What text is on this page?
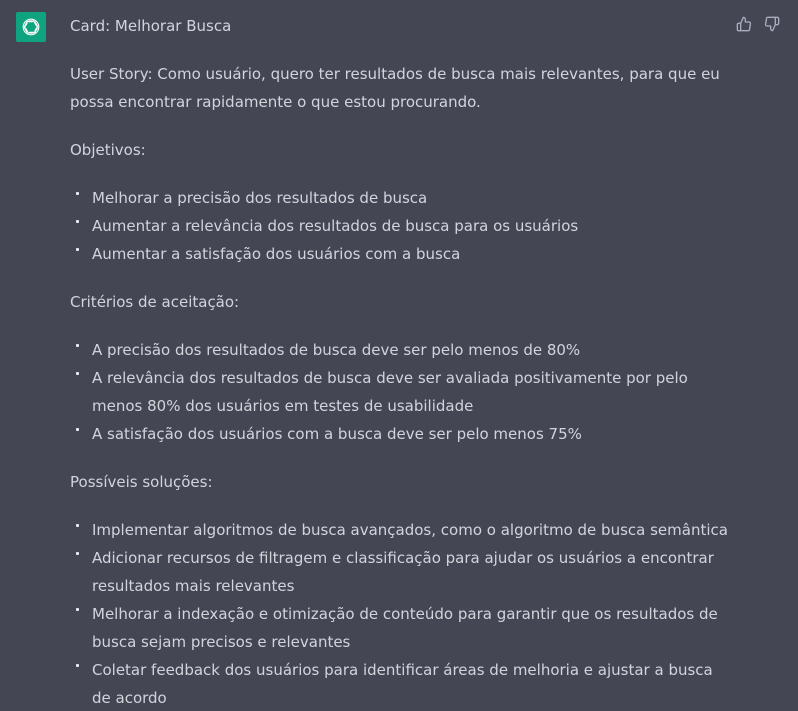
Card: Melhorar Busca

User Story: Como usuário, quero ter resultados de busca mais relevantes, para que eu possa encontrar rapidamente o que estou procurando.

Objetivos:

Melhorar a precisão dos resultados de busca
Aumentar a relevância dos resultados de busca para os usuários
Aumentar a satisfação dos usuários com a busca

Critérios de aceitação:

A precisão dos resultados de busca deve ser pelo menos de 80%
A relevância dos resultados de busca deve ser avaliada positivamente por pelo menos 80% dos usuários em testes de usabilidade
A satisfação dos usuários com a busca deve ser pelo menos 75%

Possíveis soluções:

Implementar algoritmos de busca avançados, como o algoritmo de busca semântica
Adicionar recursos de filtragem e classificação para ajudar os usuários a encontrar resultados mais relevantes
Melhorar a indexação e otimização de conteúdo para garantir que os resultados de busca sejam precisos e relevantes
Coletar feedback dos usuários para identificar áreas de melhoria e ajustar a busca de acordo
